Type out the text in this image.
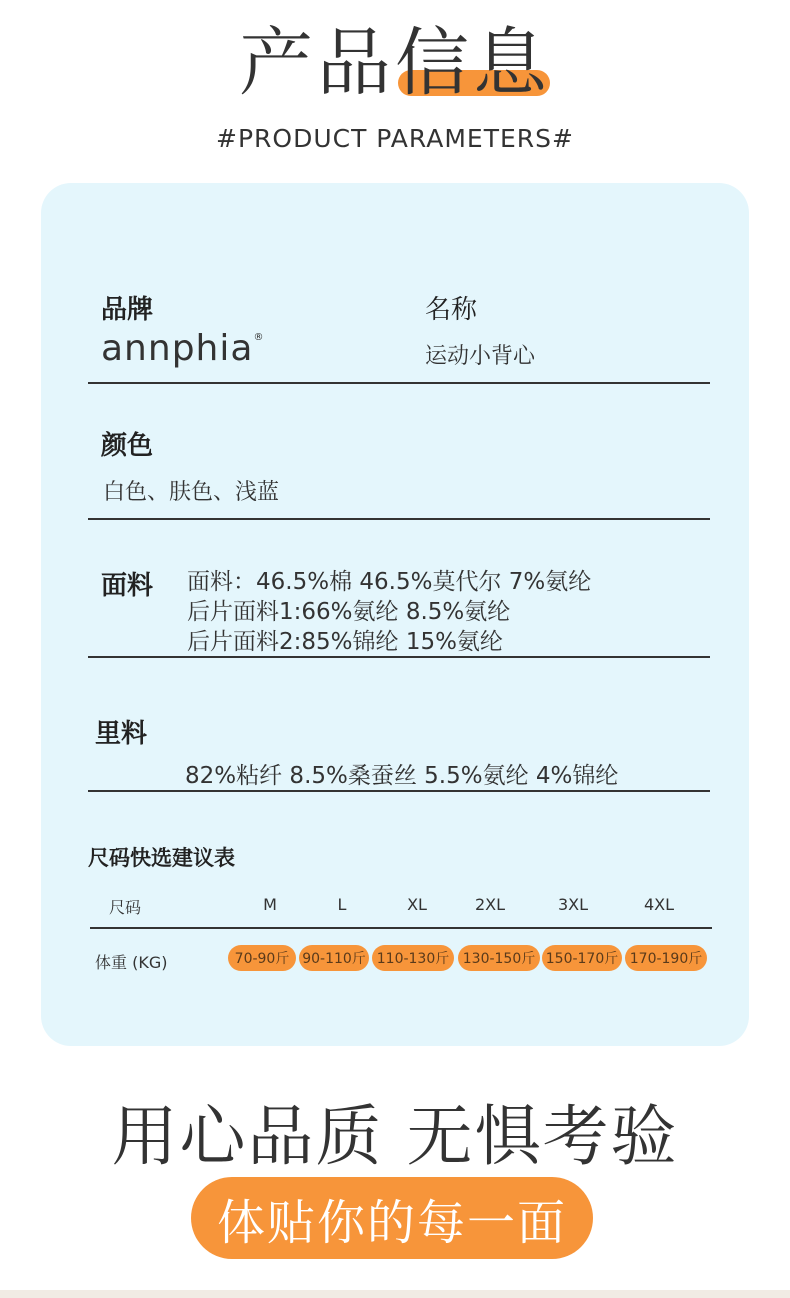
产品信息
#PRODUCT PARAMETERS#
品牌
annphia®
名称
运动小背心
颜色
白色、肤色、浅蓝
面料 面料：46.5%棉 46.5%莫代尔 7%氨纶
后片面料1:66%氨纶 8.5%氨纶
后片面料2:85%锦纶 15%氨纶
里料
82%粘纤 8.5%桑蚕丝 5.5%氨纶 4%锦纶
尺码快选建议表
尺码	M	L	XL	2XL	3XL	4XL
体重 (KG)	70-90斤 90-110斤 110-130斤 130-150斤 150-170斤 170-190斤
用心品质 无惧考验
体贴你的每一面
